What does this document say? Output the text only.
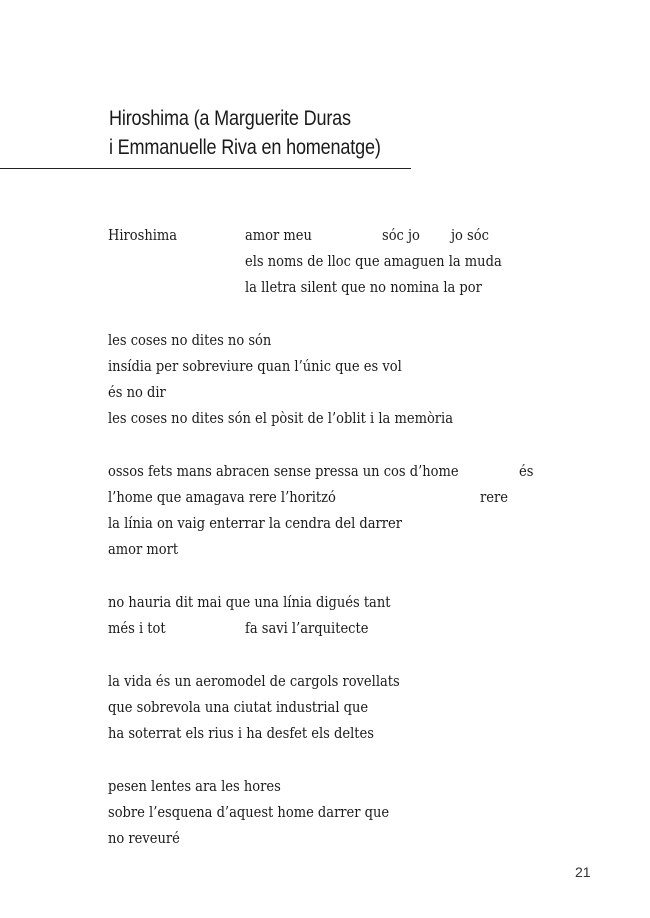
Hiroshima (a Marguerite Duras
i Emmanuelle Riva en homenatge)
Hiroshima	amor meu	sóc jo jo sóc
els noms de lloc que amaguen la muda
la lletra silent que no nomina la por
les coses no dites no són
insídia per sobreviure quan l’únic que es vol
és no dir
les coses no dites són el pòsit de l’oblit i la memòria
ossos fets mans abracen sense pressa un cos d’home	és
l’home que amagava rere l’horitzó	rere
la línia on vaig enterrar la cendra del darrer
amor mort
no hauria dit mai que una línia digués tant
més i tot	fa savi l’arquitecte
la vida és un aeromodel de cargols rovellats
que sobrevola una ciutat industrial que
ha soterrat els rius i ha desfet els deltes
pesen lentes ara les hores
sobre l’esquena d’aquest home darrer que
no reveuré
21
